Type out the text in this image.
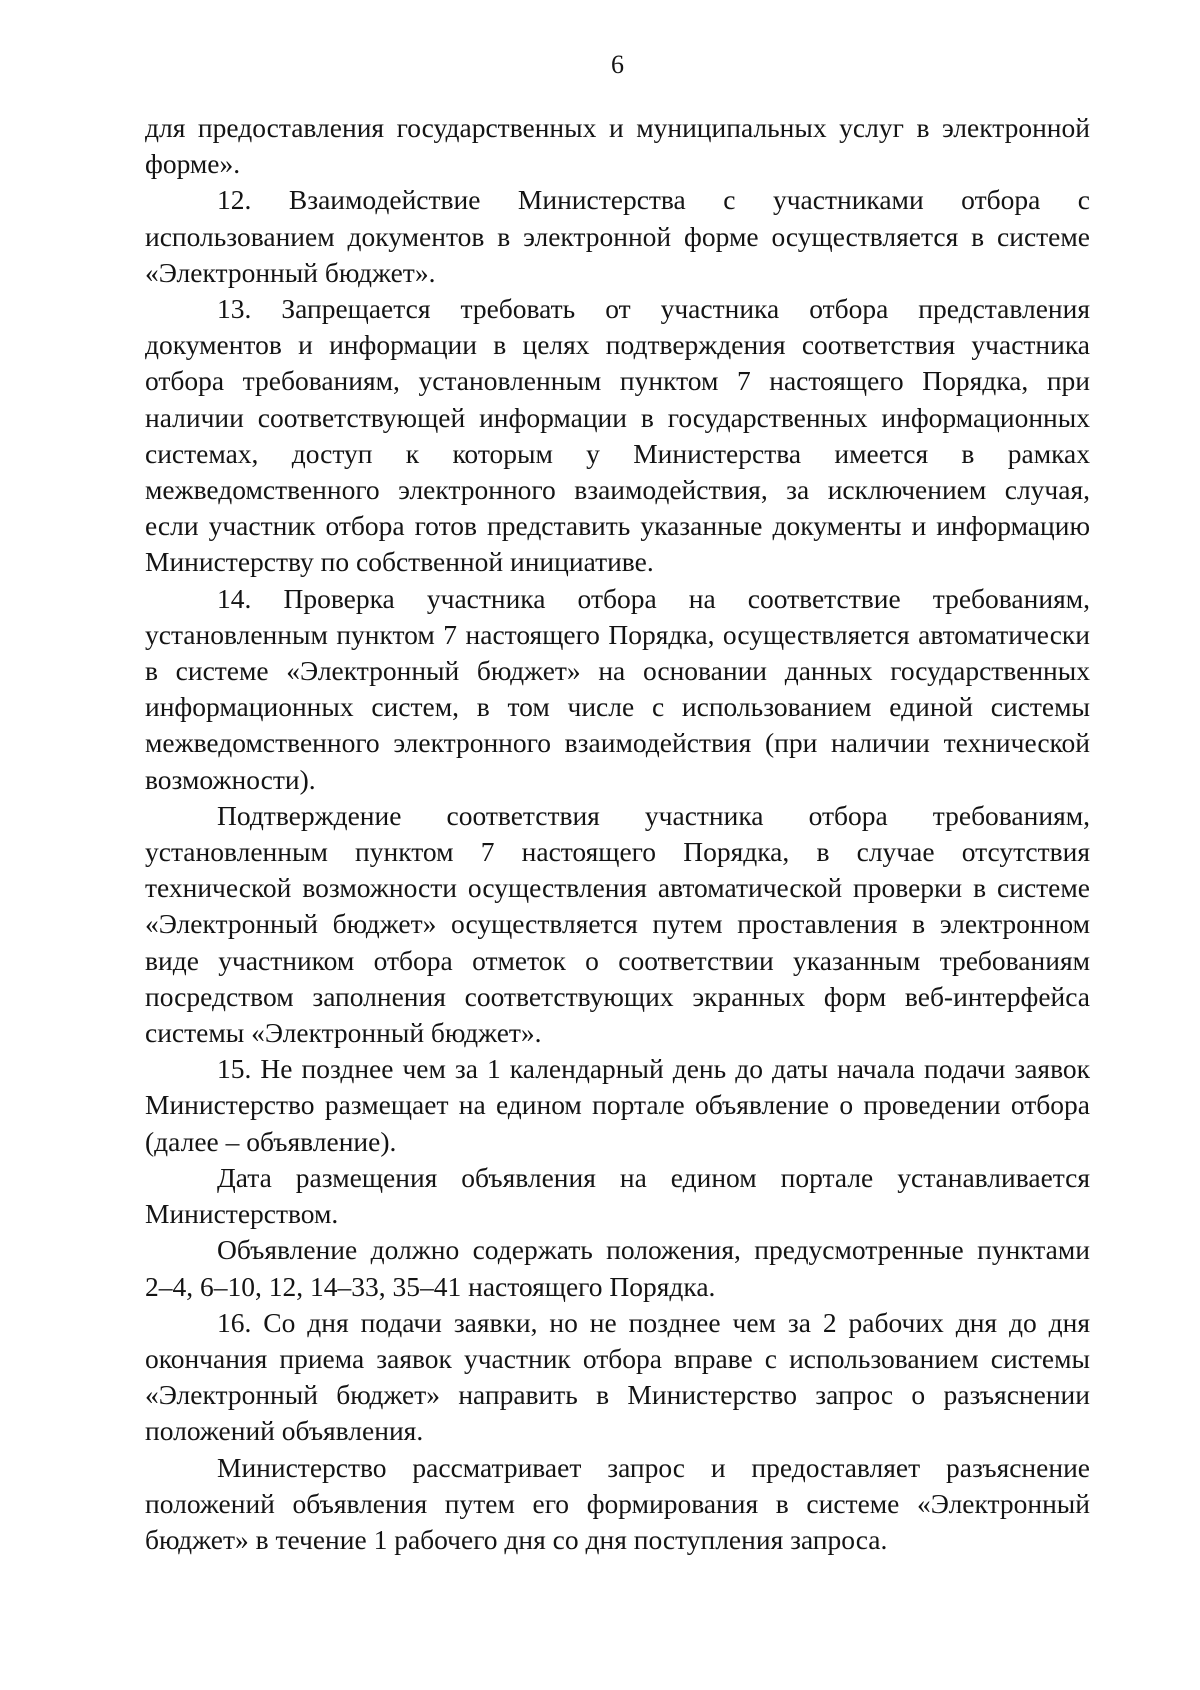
6

для предоставления государственных и муниципальных услуг в электронной форме».

12. Взаимодействие Министерства с участниками отбора с использованием документов в электронной форме осуществляется в системе «Электронный бюджет».

13. Запрещается требовать от участника отбора представления документов и информации в целях подтверждения соответствия участника отбора требованиям, установленным пунктом 7 настоящего Порядка, при наличии соответствующей информации в государственных информационных системах, доступ к которым у Министерства имеется в рамках межведомственного электронного взаимодействия, за исключением случая, если участник отбора готов представить указанные документы и информацию Министерству по собственной инициативе.

14. Проверка участника отбора на соответствие требованиям, установленным пунктом 7 настоящего Порядка, осуществляется автоматически в системе «Электронный бюджет» на основании данных государственных информационных систем, в том числе с использованием единой системы межведомственного электронного взаимодействия (при наличии технической возможности).

Подтверждение соответствия участника отбора требованиям, установленным пунктом 7 настоящего Порядка, в случае отсутствия технической возможности осуществления автоматической проверки в системе «Электронный бюджет» осуществляется путем проставления в электронном виде участником отбора отметок о соответствии указанным требованиям посредством заполнения соответствующих экранных форм веб-интерфейса системы «Электронный бюджет».

15. Не позднее чем за 1 календарный день до даты начала подачи заявок Министерство размещает на едином портале объявление о проведении отбора (далее – объявление).

Дата размещения объявления на едином портале устанавливается Министерством.

Объявление должно содержать положения, предусмотренные пунктами 2–4, 6–10, 12, 14–33, 35–41 настоящего Порядка.

16. Со дня подачи заявки, но не позднее чем за 2 рабочих дня до дня окончания приема заявок участник отбора вправе с использованием системы «Электронный бюджет» направить в Министерство запрос о разъяснении положений объявления.

Министерство рассматривает запрос и предоставляет разъяснение положений объявления путем его формирования в системе «Электронный бюджет» в течение 1 рабочего дня со дня поступления запроса.
